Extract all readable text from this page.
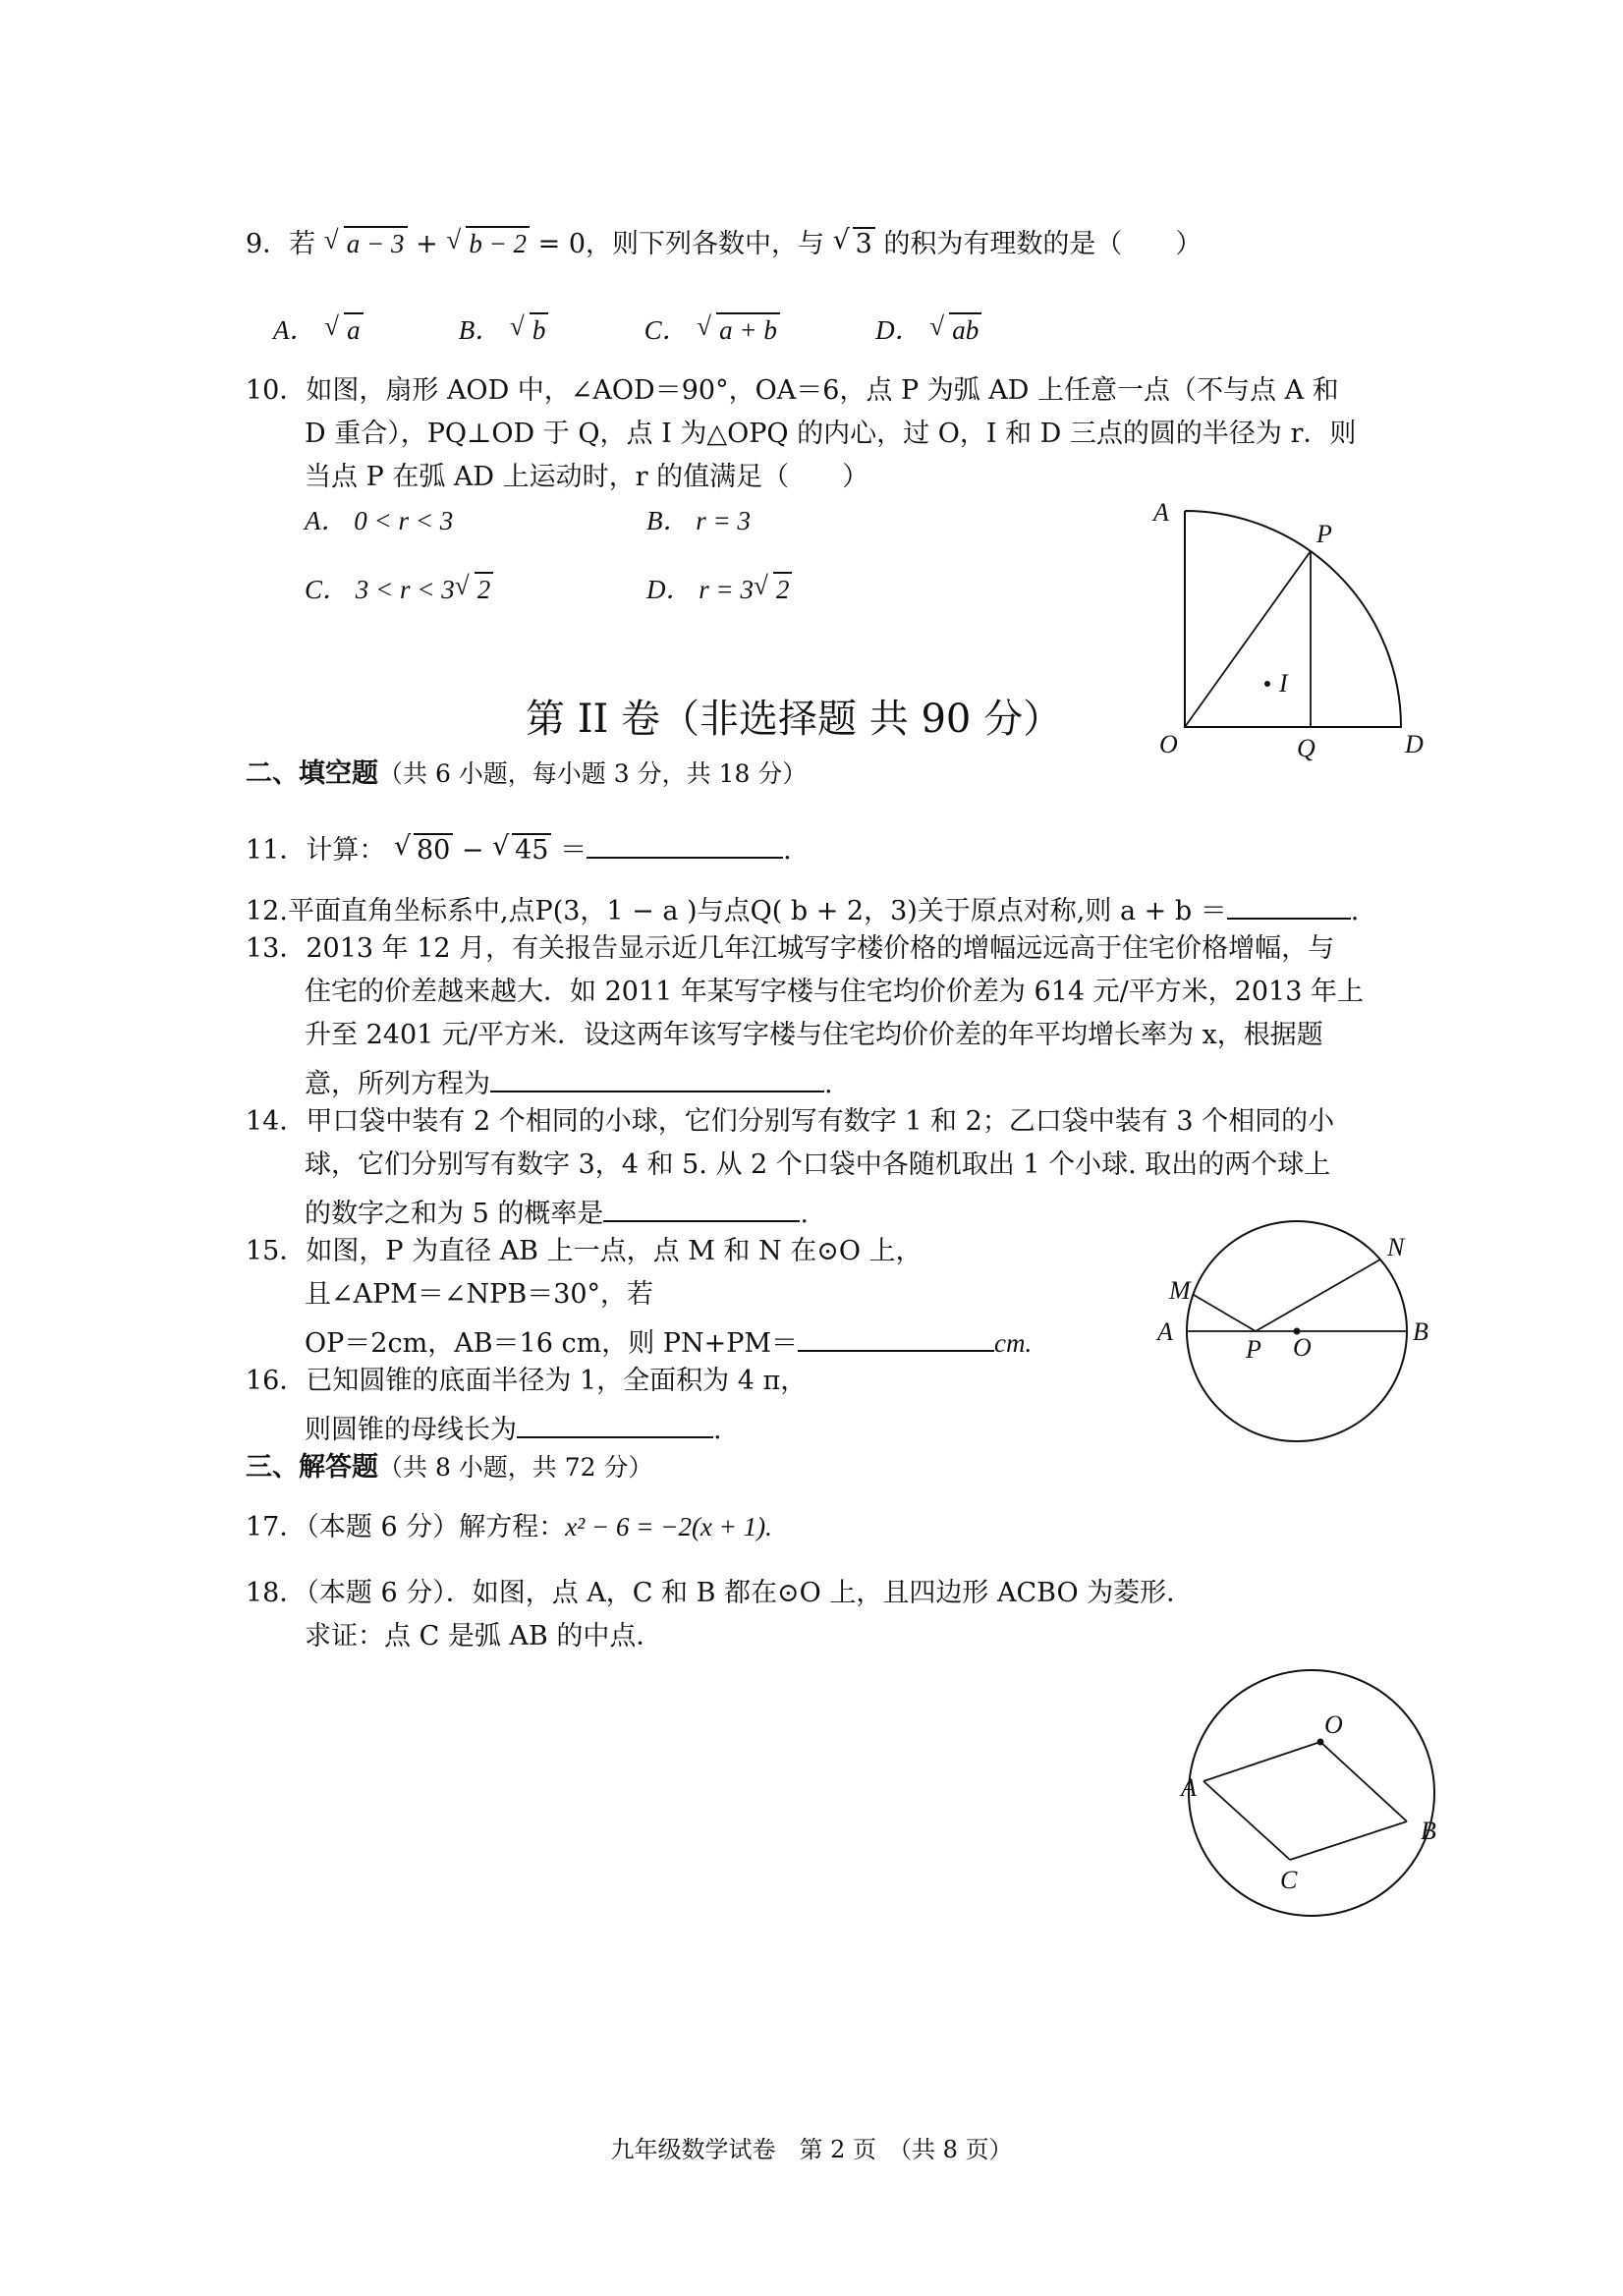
9．若 √ a − 3 + √ b − 2 = 0，则下列各数中，与 √ 3 的积为有理数的是（　　）
A． √ a	B． √ b	C． √ a + b	D． √ ab
10．如图，扇形 AOD 中，∠AOD＝90°，OA＝6，点 P 为弧 AD 上任意一点（不与点 A 和
D 重合），PQ⊥OD 于 Q，点 I 为△OPQ 的内心，过 O，I 和 D 三点的圆的半径为 r．则
当点 P 在弧 AD 上运动时，r 的值满足（　　）
A． 0 < r < 3	B． r = 3
C． 3 < r < 3 √ 2	D． r = 3 √ 2
A
P
I
O	Q	D
第 II 卷（非选择题 共 90 分）
二、填空题（共 6 小题，每小题 3 分，共 18 分）
11．计算： √ 80 − √ 45 ＝	.
12.平面直角坐标系中,点P(3，1 − a )与点Q( b + 2，3)关于原点对称,则 a + b ＝	.
13．2013 年 12 月，有关报告显示近几年江城写字楼价格的增幅远远高于住宅价格增幅，与
住宅的价差越来越大．如 2011 年某写字楼与住宅均价价差为 614 元/平方米，2013 年上
升至 2401 元/平方米．设这两年该写字楼与住宅均价价差的年平均增长率为 x，根据题
意，所列方程为	.
14．甲口袋中装有 2 个相同的小球，它们分别写有数字 1 和 2；乙口袋中装有 3 个相同的小
球，它们分别写有数字 3，4 和 5. 从 2 个口袋中各随机取出 1 个小球. 取出的两个球上
的数字之和为 5 的概率是	.
15．如图，P 为直径 AB 上一点，点 M 和 N 在⊙O 上，
且∠APM＝∠NPB＝30°，若
OP＝2cm，AB＝16 cm，则 PN+PM＝	cm.
M
N
A
P O
B
16．已知圆锥的底面半径为 1，全面积为 4 π，
则圆锥的母线长为	.
三、解答题（共 8 小题，共 72 分）
17．（本题 6 分）解方程：x² − 6 = −2(x + 1).
18．（本题 6 分）．如图，点 A，C 和 B 都在⊙O 上，且四边形 ACBO 为菱形．
求证：点 C 是弧 AB 的中点．
O
A
B
C
九年级数学试卷　第 2 页　（共 8 页）
